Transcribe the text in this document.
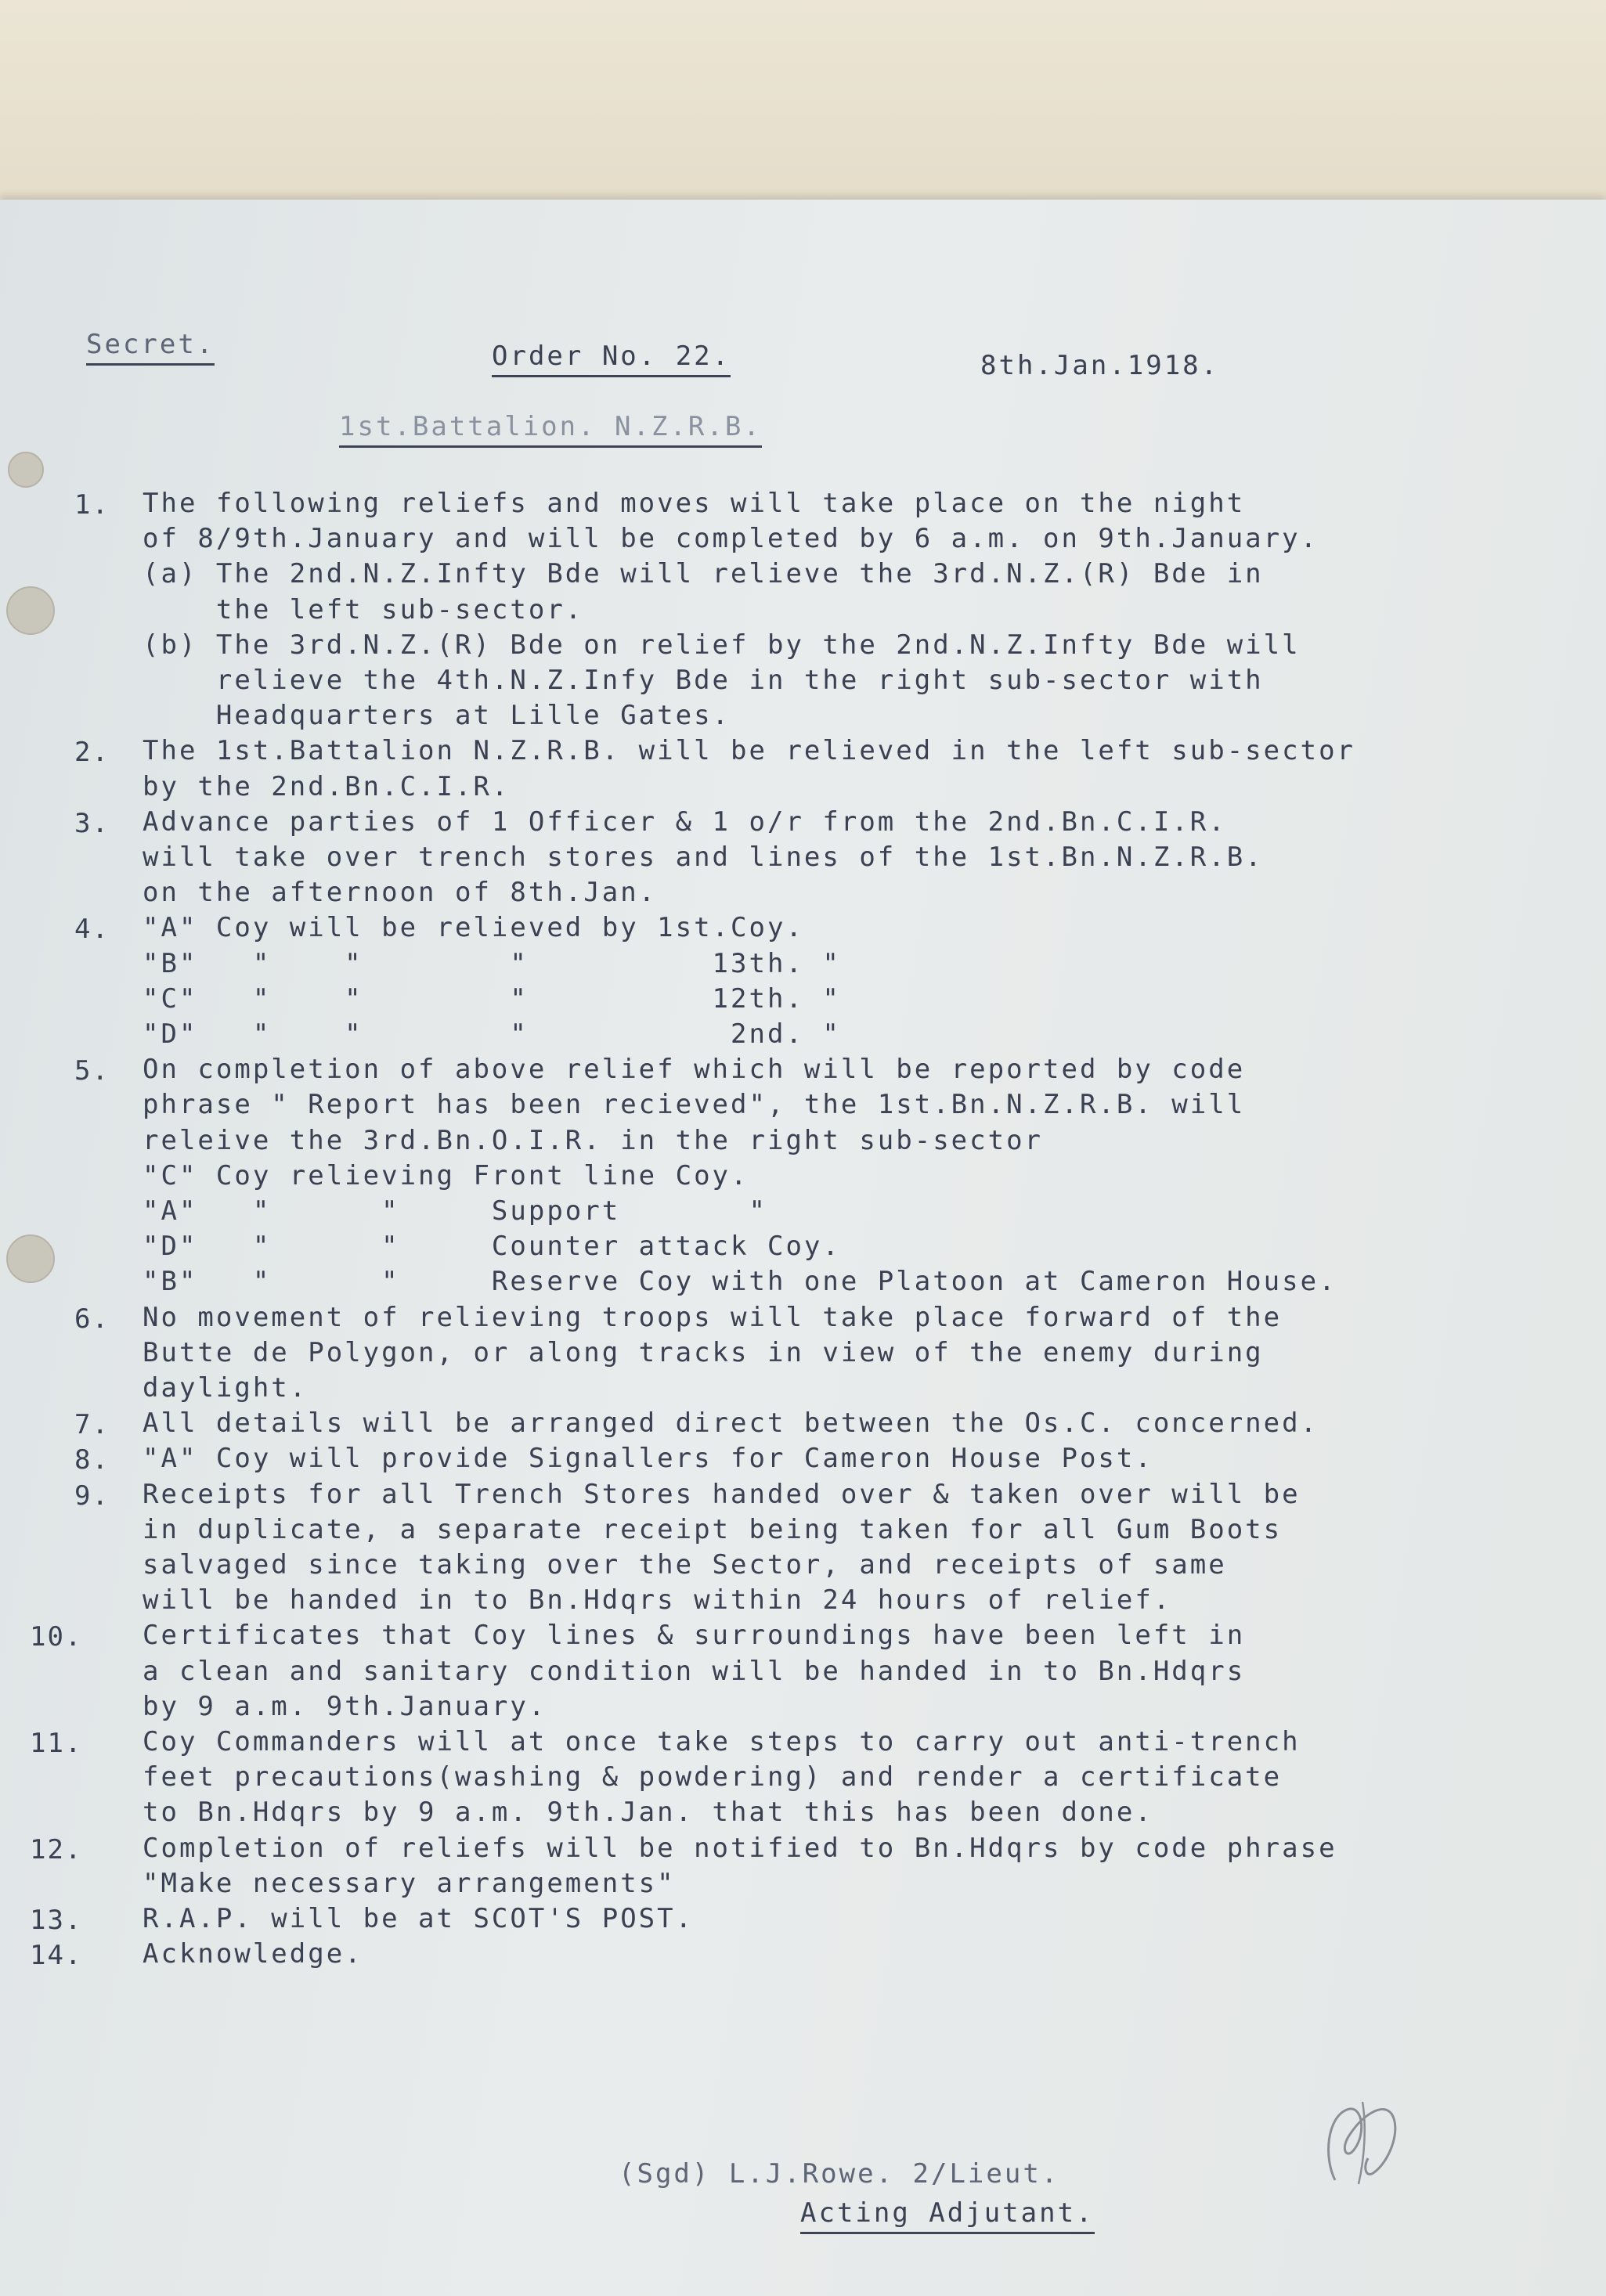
Secret.	Order No. 22.	8th.Jan.1918.
1st.Battalion. N.Z.R.B.
1. The following reliefs and moves will take place on the night
of 8/9th.January and will be completed by 6 a.m. on 9th.January.
(a) The 2nd.N.Z.Infty Bde will relieve the 3rd.N.Z.(R) Bde in
the left sub-sector.
(b) The 3rd.N.Z.(R) Bde on relief by the 2nd.N.Z.Infty Bde will
relieve the 4th.N.Z.Infy Bde in the right sub-sector with
Headquarters at Lille Gates.
2. The 1st.Battalion N.Z.R.B. will be relieved in the left sub-sector
by the 2nd.Bn.C.I.R.
3. Advance parties of 1 Officer & 1 o/r from the 2nd.Bn.C.I.R.
will take over trench stores and lines of the 1st.Bn.N.Z.R.B.
on the afternoon of 8th.Jan.
4. "A" Coy will be relieved by 1st.Coy.
"B"   "    "        "          13th. "
"C"   "    "        "          12th. "
"D"   "    "        "           2nd. "
5. On completion of above relief which will be reported by code
phrase " Report has been recieved", the 1st.Bn.N.Z.R.B. will
releive the 3rd.Bn.O.I.R. in the right sub-sector
"C" Coy relieving Front line Coy.
"A"   "      "     Support       "
"D"   "      "     Counter attack Coy.
"B"   "      "     Reserve Coy with one Platoon at Cameron House.
6. No movement of relieving troops will take place forward of the
Butte de Polygon, or along tracks in view of the enemy during
daylight.
7. All details will be arranged direct between the Os.C. concerned.
8. "A" Coy will provide Signallers for Cameron House Post.
9. Receipts for all Trench Stores handed over & taken over will be
in duplicate, a separate receipt being taken for all Gum Boots
salvaged since taking over the Sector, and receipts of same
will be handed in to Bn.Hdqrs within 24 hours of relief.
10. Certificates that Coy lines & surroundings have been left in
a clean and sanitary condition will be handed in to Bn.Hdqrs
by 9 a.m. 9th.January.
11. Coy Commanders will at once take steps to carry out anti-trench
feet precautions(washing & powdering) and render a certificate
to Bn.Hdqrs by 9 a.m. 9th.Jan. that this has been done.
12. Completion of reliefs will be notified to Bn.Hdqrs by code phrase
"Make necessary arrangements"
13. R.A.P. will be at SCOT'S POST.
14. Acknowledge.
(Sgd) L.J.Rowe. 2/Lieut.
Acting Adjutant.
